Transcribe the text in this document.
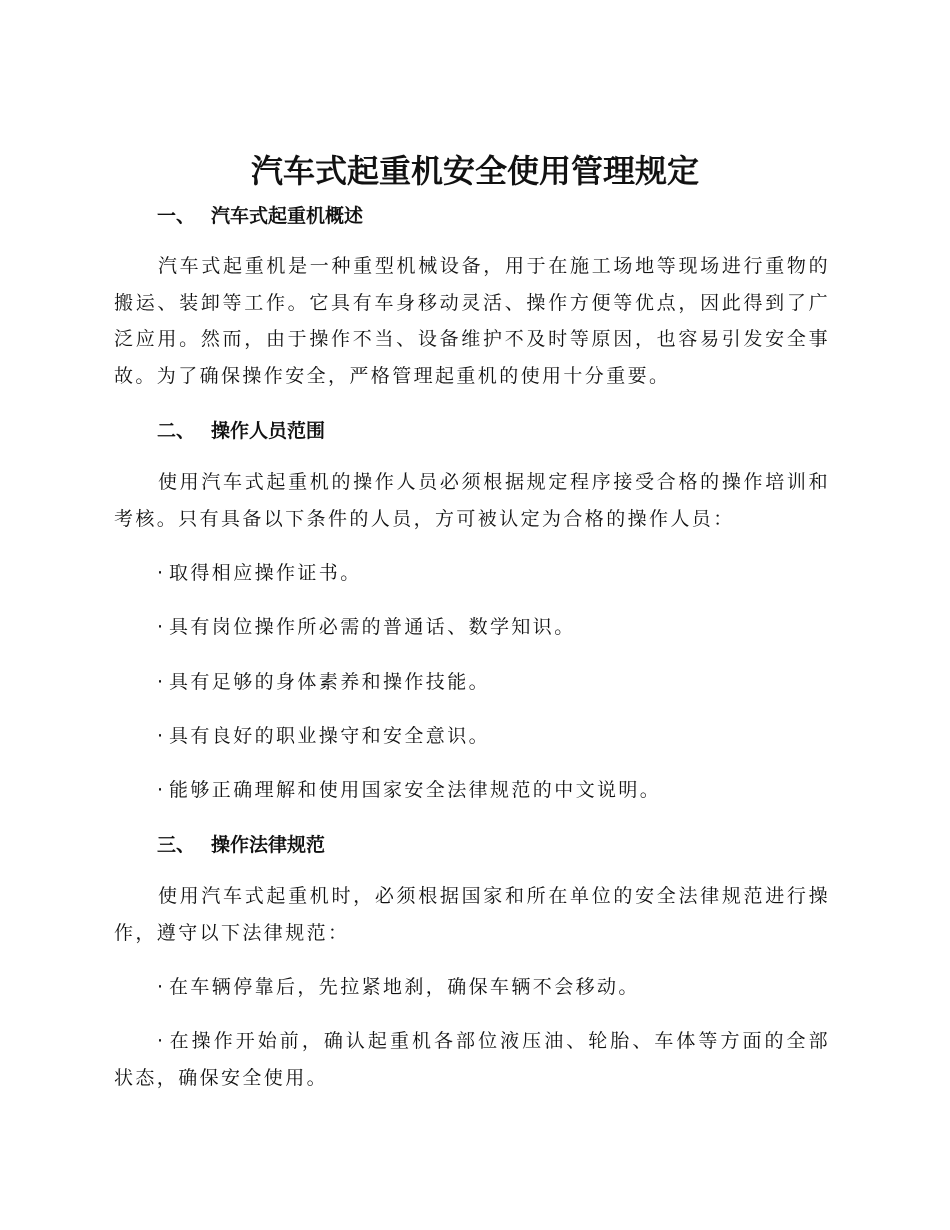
汽车式起重机安全使用管理规定
一、 汽车式起重机概述

汽车式起重机是一种重型机械设备，用于在施工场地等现场进行重物的搬运、装卸等工作。它具有车身移动灵活、操作方便等优点，因此得到了广泛应用。然而，由于操作不当、设备维护不及时等原因，也容易引发安全事故。为了确保操作安全，严格管理起重机的使用十分重要。

二、 操作人员范围

使用汽车式起重机的操作人员必须根据规定程序接受合格的操作培训和考核。只有具备以下条件的人员，方可被认定为合格的操作人员：

· 取得相应操作证书。
· 具有岗位操作所必需的普通话、数学知识。
· 具有足够的身体素养和操作技能。
· 具有良好的职业操守和安全意识。
· 能够正确理解和使用国家安全法律规范的中文说明。
三、 操作法律规范

使用汽车式起重机时，必须根据国家和所在单位的安全法律规范进行操作，遵守以下法律规范：

· 在车辆停靠后，先拉紧地刹，确保车辆不会移动。

· 在操作开始前，确认起重机各部位液压油、轮胎、车体等方面的全部状态，确保安全使用。
